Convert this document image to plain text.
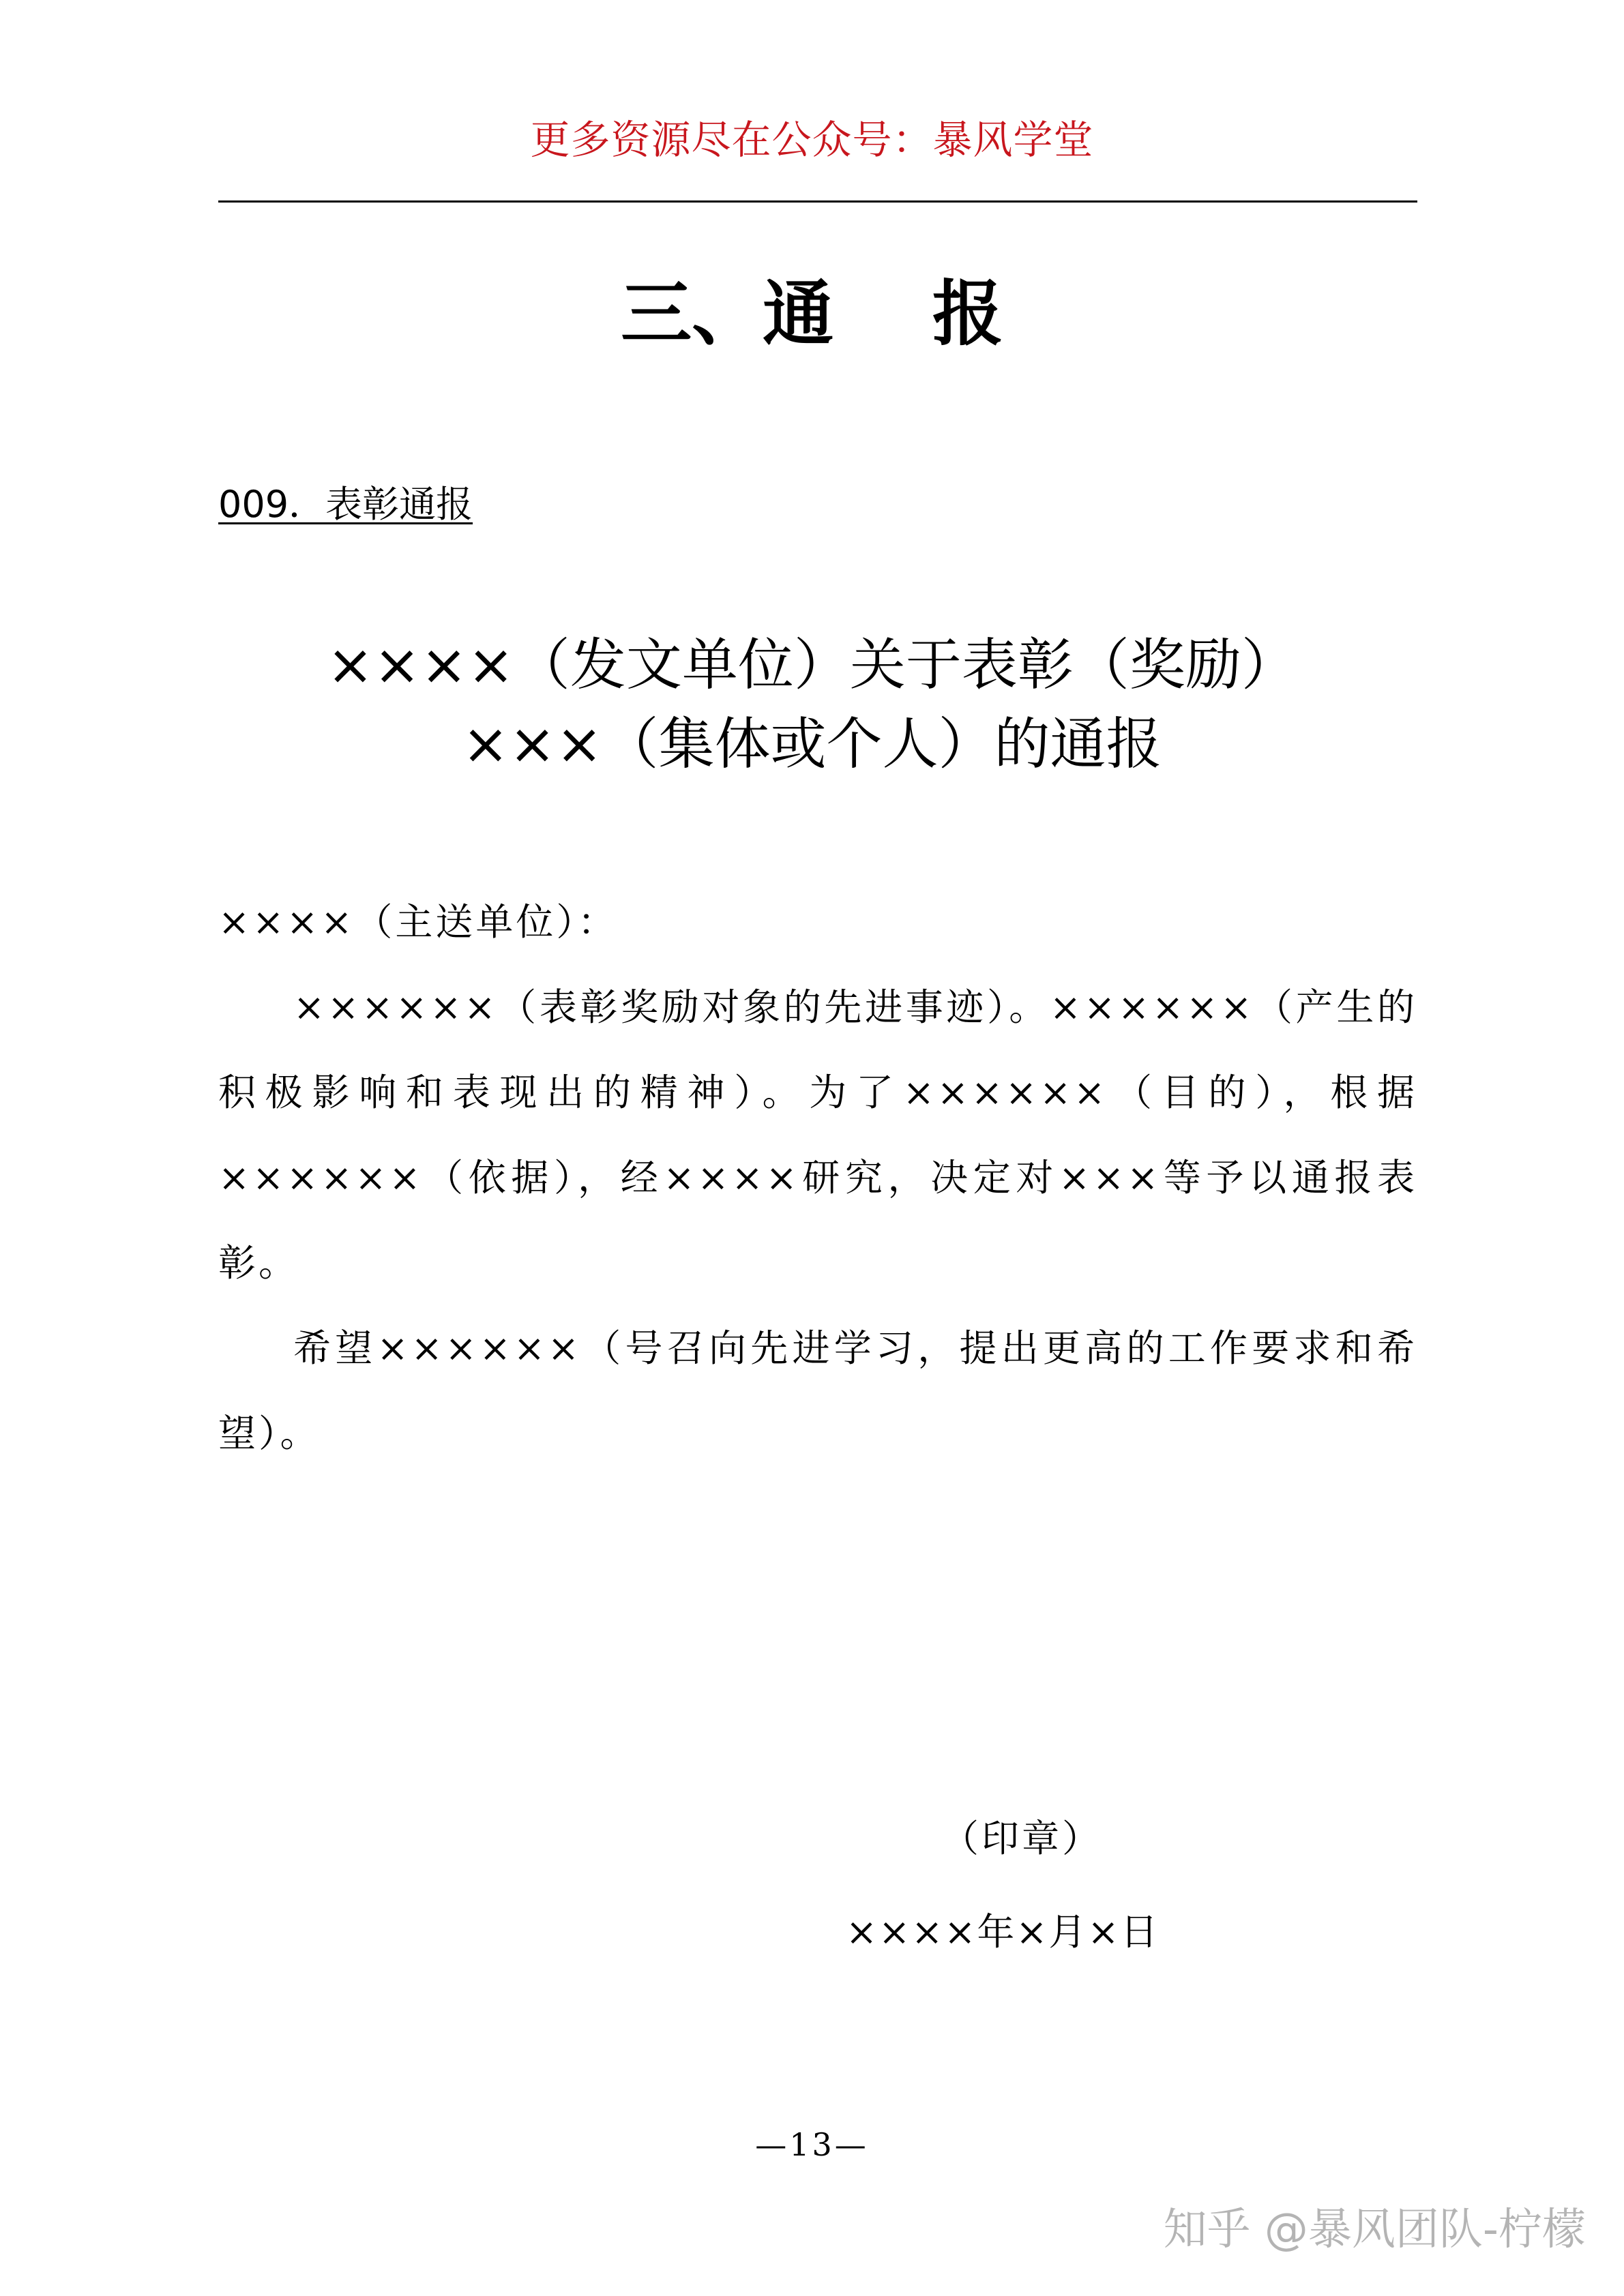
更多资源尽在公众号：暴风学堂
三、通    报
009．表彰通报
××××（发文单位）关于表彰（奖励）
×××（集体或个人）的通报

××××（主送单位）：

××××××（表彰奖励对象的先进事迹）。××××××（产生的积极影响和表现出的精神）。为了××××××（目的），根据××××××（依据），经××××研究，决定对×××等予以通报表彰。

希望××××××（号召向先进学习，提出更高的工作要求和希望）。

（印章）
××××年×月×日
—13—
知乎 @暴风团队-柠檬
